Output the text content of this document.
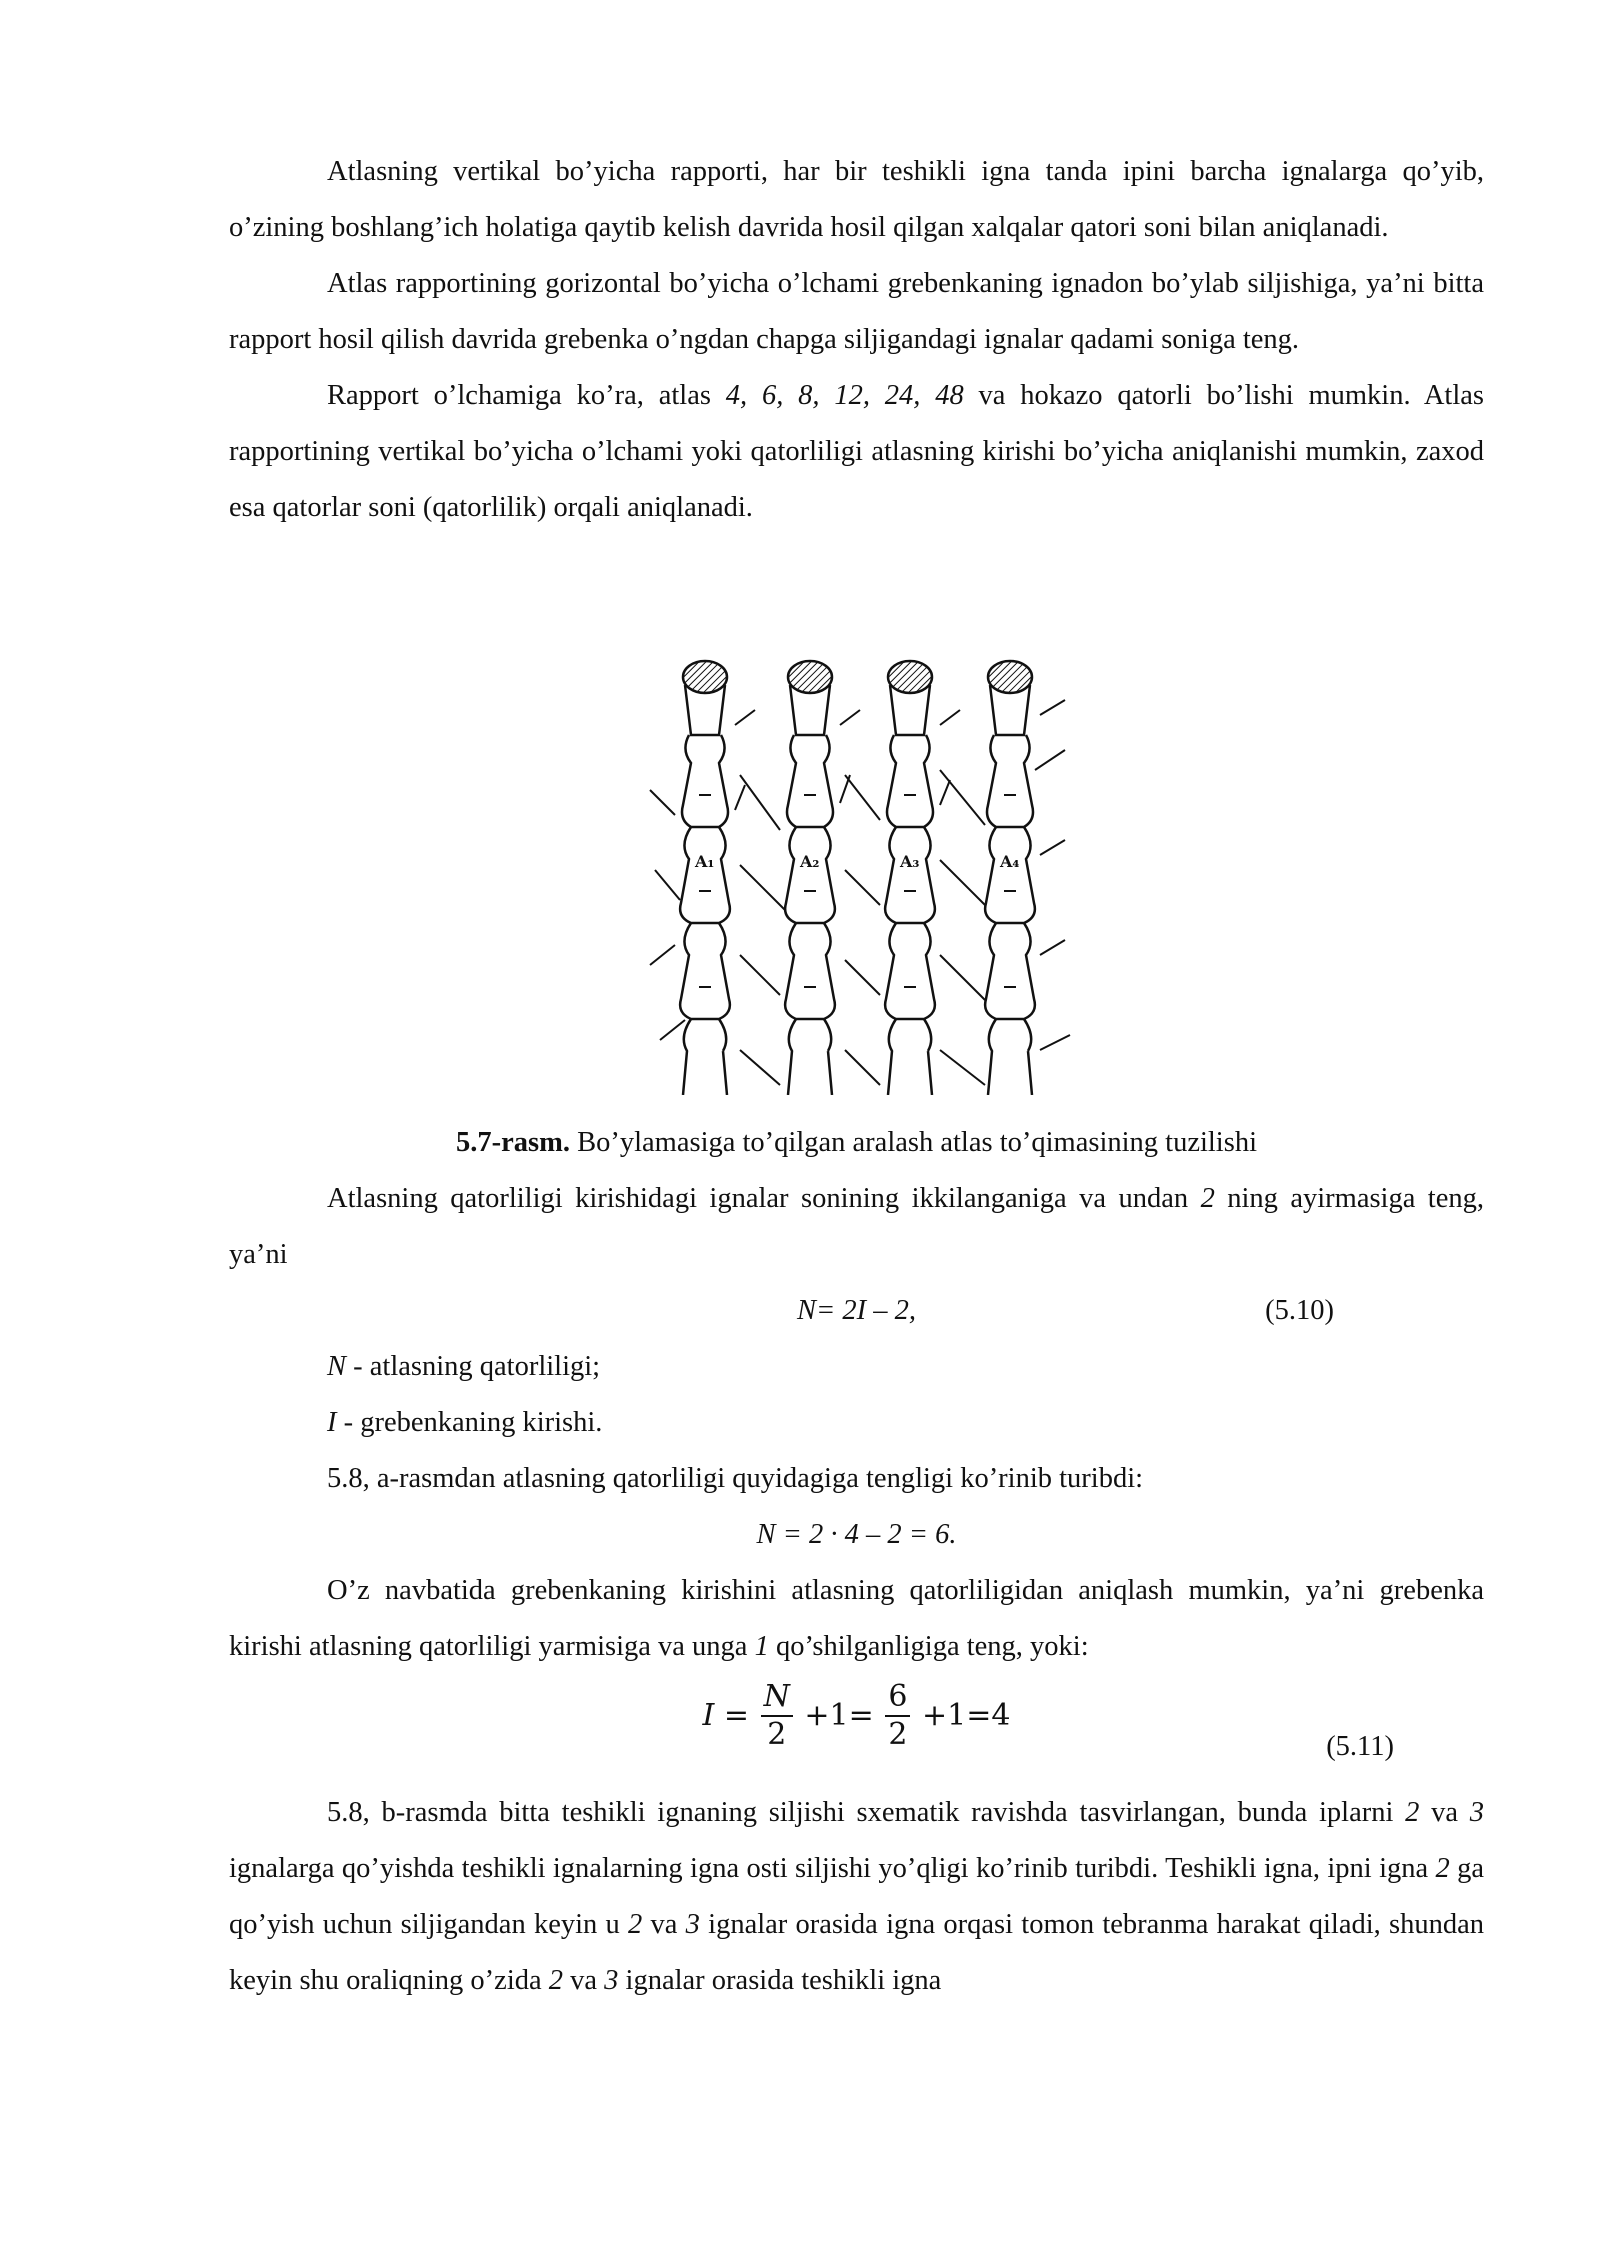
Atlasning vertikal bo’yicha rapporti, har bir teshikli igna tanda ipini barcha ignalarga qo’yib, o’zining boshlang’ich holatiga qaytib kelish davrida hosil qilgan xalqalar qatori soni bilan aniqlanadi.

Atlas rapportining gorizontal bo’yicha o’lchami grebenkaning ignadon bo’ylab siljishiga, ya’ni bitta rapport hosil qilish davrida grebenka o’ngdan chapga siljigandagi ignalar qadami soniga teng.

Rapport o’lchamiga ko’ra, atlas 4, 6, 8, 12, 24, 48 va hokazo qatorli bo’lishi mumkin. Atlas rapportining vertikal bo’yicha o’lchami yoki qatorliligi atlasning kirishi bo’yicha aniqlanishi mumkin, zaxod esa qatorlar soni (qatorlilik) orqali aniqlanadi.

A₁	A₂	A₃	A₄
5.7-rasm. Bo’ylamasiga to’qilgan aralash atlas to’qimasining tuzilishi

Atlasning qatorliligi kirishidagi ignalar sonining ikkilanganiga va undan 2 ning ayirmasiga teng, ya’ni

N= 2I – 2,	(5.10)

N - atlasning qatorliligi;

I - grebenkaning kirishi.

5.8, a-rasmdan atlasning qatorliligi quyidagiga tengligi ko’rinib turibdi:

N = 2 · 4 – 2 = 6.

O’z navbatida grebenkaning kirishini atlasning qatorliligidan aniqlash mumkin, ya’ni grebenka kirishi atlasning qatorliligi yarmisiga va unga 1 qo’shilganligiga teng, yoki:

$I = \frac{N}{2} +1= \frac{6}{2} +1=4$
(5.11)

5.8, b-rasmda bitta teshikli ignaning siljishi sxematik ravishda tasvirlangan, bunda iplarni 2 va 3 ignalarga qo’yishda teshikli ignalarning igna osti siljishi yo’qligi ko’rinib turibdi. Teshikli igna, ipni igna 2 ga qo’yish uchun siljigandan keyin u 2 va 3 ignalar orasida igna orqasi tomon tebranma harakat qiladi, shundan keyin shu oraliqning o’zida 2 va 3 ignalar orasida teshikli igna
